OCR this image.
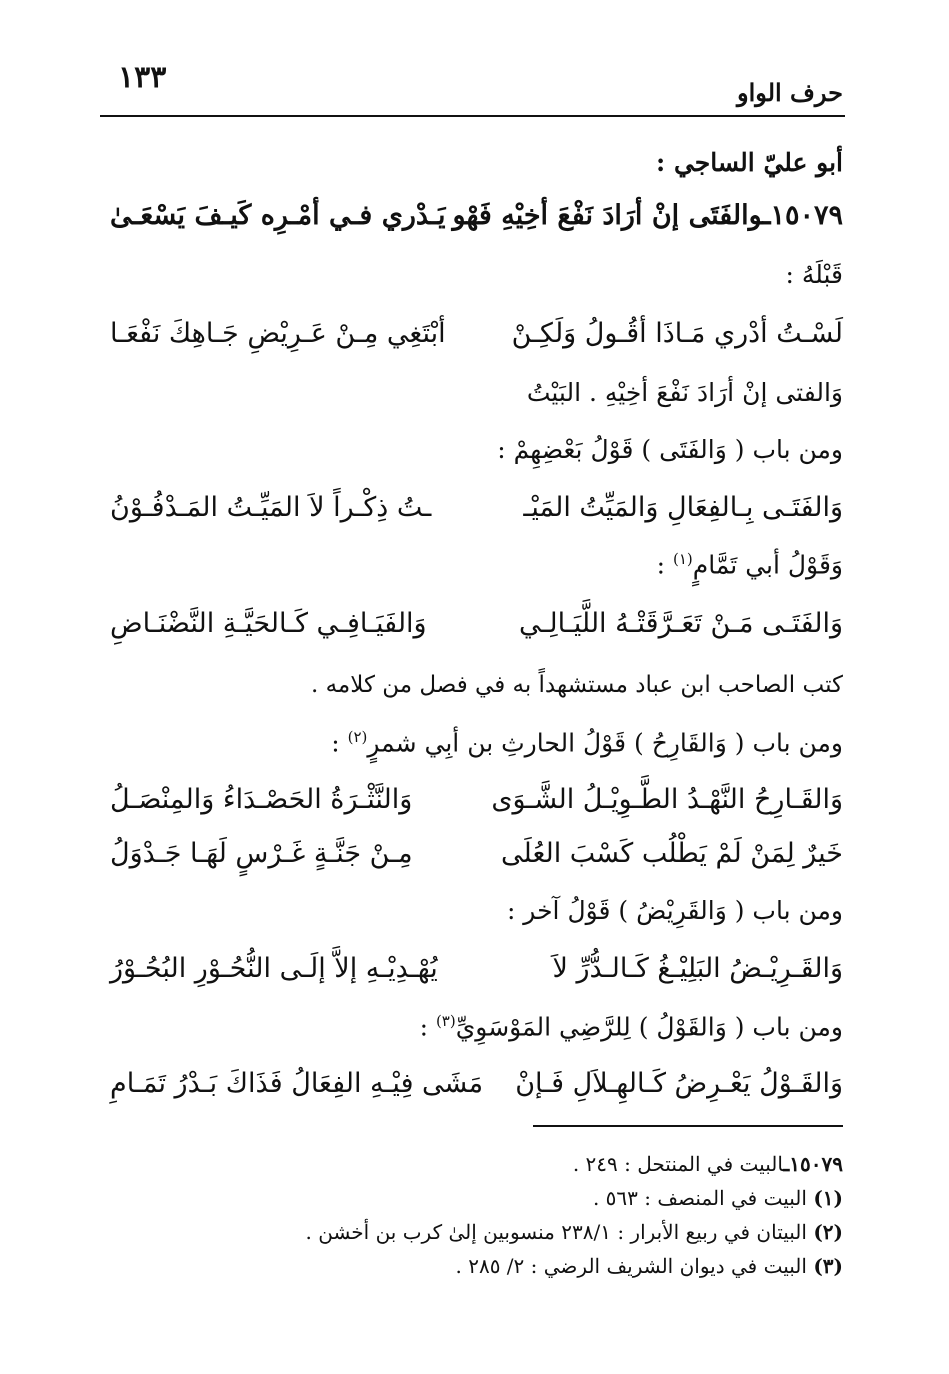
حرف الواو
١٣٣
أبو عليّ الساجي :
١٥٠٧٩ـوالفَتَى إنْ أرَادَ نَفْعَ أخِيْهِ فَهْو
يَـدْري فـي أمْـرِه كَيـفَ يَسْعَـىٰ
قَبْلَهُ :
لَسْـتُ أدْري مَـاذَا أقُـولُ وَلَكِـنْ
أبْتَغِي مِـنْ عَـرِيْضِ جَـاهِكَ نَفْعَـا
وَالفتى إنْ أرَادَ نَفْعَ أخِيْهِ . البَيْتُ
ومن باب ( وَالفَتَى ) قَوْلُ بَعْضِهِمْ :
وَالفَتَـى بِـالفِعَالِ وَالمَيِّتُ المَيْـ
ـتُ ذِكْـراً لاَ المَيِّـتُ المَـدْفُـوْنُ
وَقَوْلُ أبي تَمَّامٍ$^{(١)}$ :
وَالفَتَـى مَـنْ تَعَـرَّقَتْـهُ اللَّيَـالِـي
وَالفَيَـافِـي كَـالحَيَّـةِ النَّضْنَـاضِ
كتب الصاحب ابن عباد مستشهداً به في فصل من كلامه .
ومن باب ( وَالقَارِحُ ) قَوْلُ الحارثِ بن أبِي شمرٍ$^{(٢)}$ :
وَالقَـارِحُ النَّهْـدُ الطَّـوِيْـلُ الشَّـوَى
وَالنَّثْـرَةُ الحَصْـدَاءُ وَالمِنْصَـلُ
خَيرٌ لِمَنْ لَمْ يَطْلُب كَسْبَ العُلَى
مِـنْ جَنَّـةٍ غَـرْسٍ لَهَـا جَـدْوَلُ
ومن باب ( وَالقَرِيْضُ ) قَوْلُ آخر :
وَالقَـرِيْـضُ البَلِيْـغُ كَـالـدُّرِّ لاَ
يُهْـدِيْـهِ إلاَّ إلَـى النُّحُـوْرِ البُحُـوْرُ
ومن باب ( وَالقَوْلُ ) لِلرَّضِي المَوْسَوِيِّ$^{(٣)}$ :
وَالقَـوْلُ يَعْـرِضُ كَـالهِـلاَلِ فَـإنْ
مَشَى فِيْـهِ الفِعَالُ فَذَاكَ بَـدْرُ تَمَـامِ
١٥٠٧٩ـالبيت في المنتحل : ٢٤٩ .
(١) البيت في المنصف : ٥٦٣ .
(٢) البيتان في ربيع الأبرار : ٢٣٨/١ منسوبين إلىٰ كرب بن أخشن .
(٣) البيت في ديوان الشريف الرضي : ٢/ ٢٨٥ .
